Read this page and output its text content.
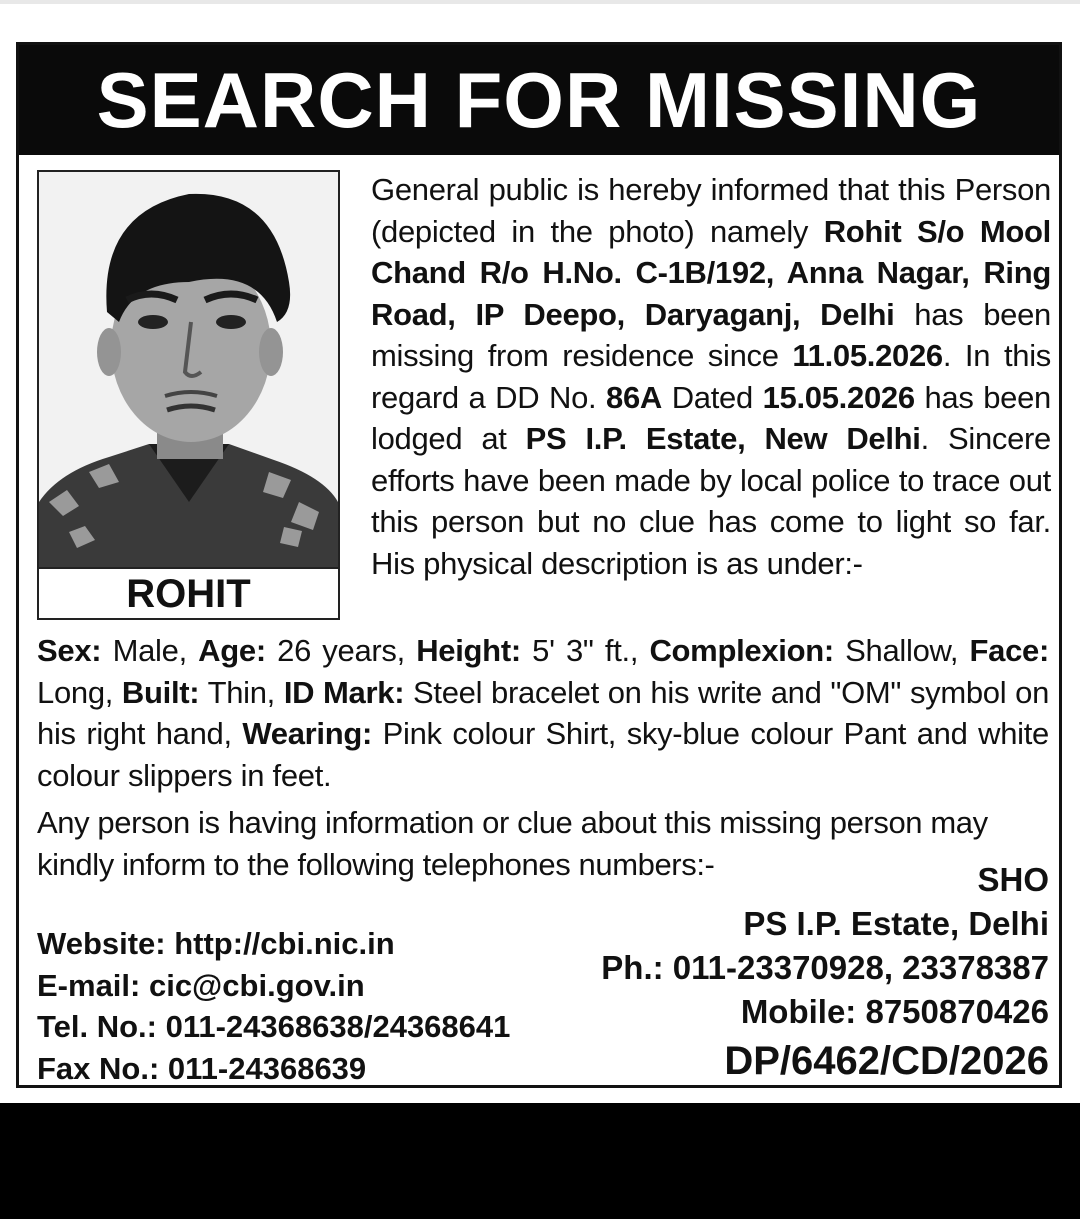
SEARCH FOR MISSING
ROHIT
General public is hereby informed that this Person (depicted in the photo) namely Rohit S/o Mool Chand R/o H.No. C-1B/192, Anna Nagar, Ring Road, IP Deepo, Daryaganj, Delhi has been missing from residence since 11.05.2026. In this regard a DD No. 86A Dated 15.05.2026 has been lodged at PS I.P. Estate, New Delhi. Sincere efforts have been made by local police to trace out this person but no clue has come to light so far. His physical description is as under:-
Sex: Male, Age: 26 years, Height: 5' 3" ft., Complexion: Shallow, Face: Long, Built: Thin, ID Mark: Steel bracelet on his write and "OM" symbol on his right hand, Wearing: Pink colour Shirt, sky-blue colour Pant and white colour slippers in feet.
Any person is having information or clue about this missing person may kindly inform to the following telephones numbers:-
Website: http://cbi.nic.in
E-mail: cic@cbi.gov.in
Tel. No.: 011-24368638/24368641
Fax No.: 011-24368639
SHO
PS I.P. Estate, Delhi
Ph.: 011-23370928, 23378387
Mobile: 8750870426
DP/6462/CD/2026
